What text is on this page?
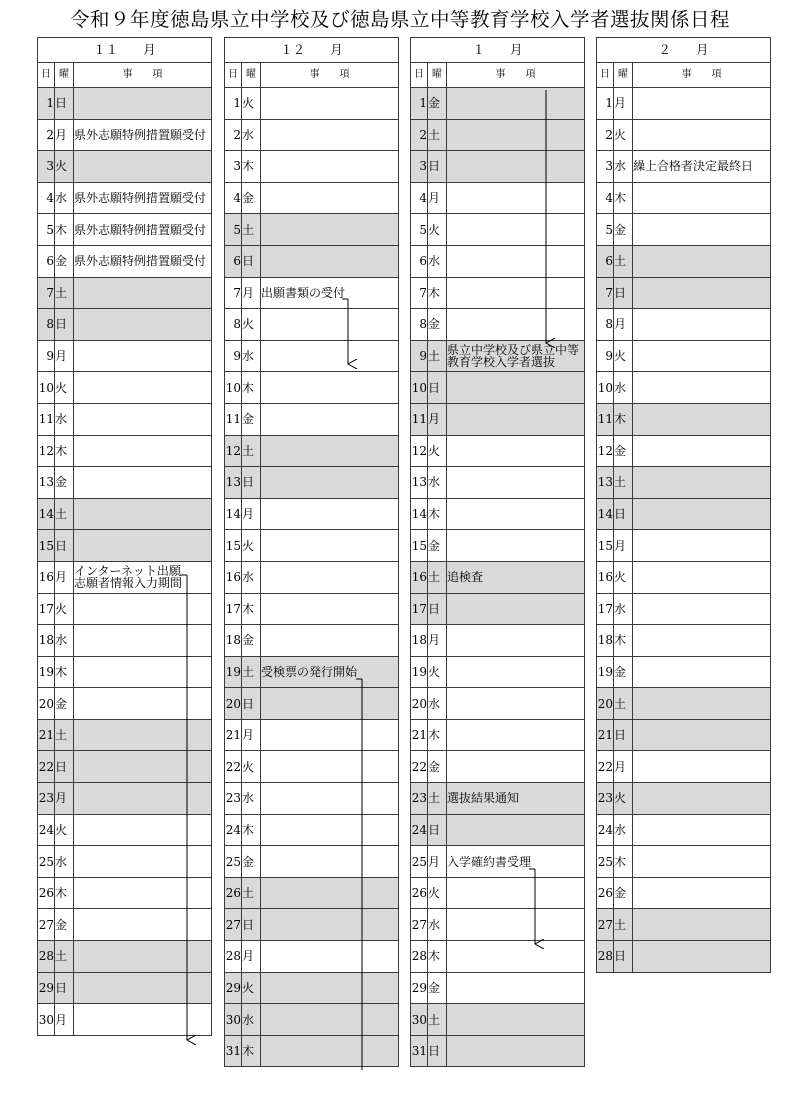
令和９年度徳島県立中学校及び徳島県立中等教育学校入学者選抜関係日程
１１　　月		
日	曜	事　　項
1	日	
2	月	県外志願特例措置願受付
3	火	
4	水	県外志願特例措置願受付
5	木	県外志願特例措置願受付
6	金	県外志願特例措置願受付
7	土	
8	日	
9	月	
10	火	
11	水	
12	木	
13	金	
14	土	
15	日	
16	月	インターネット出願
志願者情報入力期間

17	火	
18	水	
19	木	
20	金	
21	土	
22	日	
23	月	
24	火	
25	水	
26	木	
27	金	
28	土	
29	日	
30	月	
１２　　月		
日	曜	事　　項
1	火	
2	水	
3	木	
4	金	
5	土	
6	日	
7	月	出願書類の受付
8	火	
9	水	
10	木	
11	金	
12	土	
13	日	
14	月	
15	火	
16	水	
17	木	
18	金	
19	土	受検票の発行開始
20	日	
21	月	
22	火	
23	水	
24	木	
25	金	
26	土	
27	日	
28	月	
29	火	
30	水	
31	木	
１　　月		
日	曜	事　　項
1	金	
2	土	
3	日	
4	月	
5	火	
6	水	
7	木	
8	金	
9	土	県立中学校及び県立中等
教育学校入学者選抜

10	日	
11	月	
12	火	
13	水	
14	木	
15	金	
16	土	追検査
17	日	
18	月	
19	火	
20	水	
21	木	
22	金	
23	土	選抜結果通知
24	日	
25	月	入学確約書受理
26	火	
27	水	
28	木	
29	金	
30	土	
31	日	
２　　月		
日	曜	事　　項
1	月	
2	火	
3	水	繰上合格者決定最終日
4	木	
5	金	
6	土	
7	日	
8	月	
9	火	
10	水	
11	木	
12	金	
13	土	
14	日	
15	月	
16	火	
17	水	
18	木	
19	金	
20	土	
21	日	
22	月	
23	火	
24	水	
25	木	
26	金	
27	土	
28	日	
